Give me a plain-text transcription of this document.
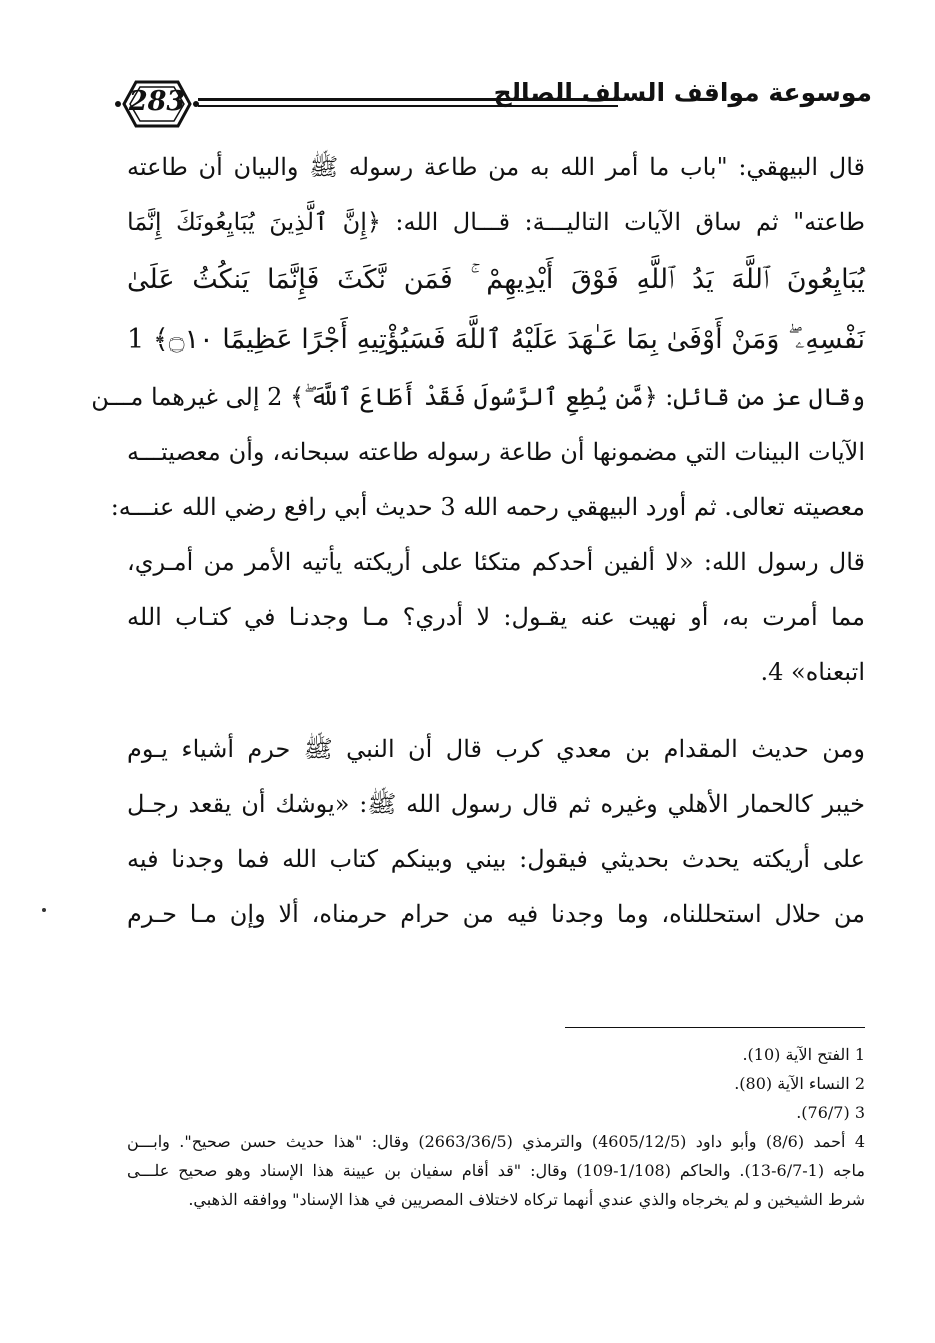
283	موسوعة مواقف السلف الصالح
قال البيهقي: "باب ما أمر الله به من طاعة رسوله ﷺ والبيان أن طاعته
طاعته" ثم ساق الآيات التاليـــة: قـــال الله: ﴿إِنَّ ٱلَّذِينَ يُبَايِعُونَكَ إِنَّمَا
يُبَايِعُونَ ٱللَّهَ يَدُ ٱللَّهِ فَوْقَ أَيْدِيهِمْ ۚ فَمَن نَّكَثَ فَإِنَّمَا يَنكُثُ عَلَىٰ
نَفْسِهِۦ ۖ وَمَنْ أَوْفَىٰ بِمَا عَـٰهَدَ عَلَيْهُ ٱللَّهَ فَسَيُؤْتِيهِ أَجْرًا عَظِيمًا ۝١٠﴾ 1
وقال عز من قائل: ﴿مَّن يُطِعِ ٱلرَّسُولَ فَقَدْ أَطَاعَ ٱللَّهَ ۖ﴾ 2 إلى غيرهما مـــن
الآيات البينات التي مضمونها أن طاعة رسوله طاعته سبحانه، وأن معصيتـــه
معصيته تعالى. ثم أورد البيهقي رحمه الله 3 حديث أبي رافع رضي الله عنـــه:
قال رسول الله: «لا ألفين أحدكم متكئا على أريكته يأتيه الأمر من أمـري،
مما أمرت به، أو نهيت عنه يقـول: لا أدري؟ مـا وجدنـا في كتـاب الله
اتبعناه» 4.
ومن حديث المقدام بن معدي كرب قال أن النبي ﷺ حرم أشياء يـوم
خيبر كالحمار الأهلي وغيره ثم قال رسول الله ﷺ: «يوشك أن يقعد رجـل
على أريكته يحدث بحديثي فيقول: بيني وبينكم كتاب الله فما وجدنا فيه
من حلال استحللناه، وما وجدنا فيه من حرام حرمناه، ألا وإن مـا حـرم
1 الفتح الآية (10).
2 النساء الآية (80).
3 (76/7).
4 أحمد (8/6) وأبو داود (4605/12/5) والترمذي (2663/36/5) وقال: "هذا حديث حسن صحيح". وابـــن
ماجه (1-6/7-13). والحاكم (1/108-109) وقال: "قد أقام سفيان بن عيينة هذا الإسناد وهو صحيح علـــى
شرط الشيخين و لم يخرجاه والذي عندي أنهما تركاه لاختلاف المصريين في هذا الإسناد" ووافقه الذهبي.
